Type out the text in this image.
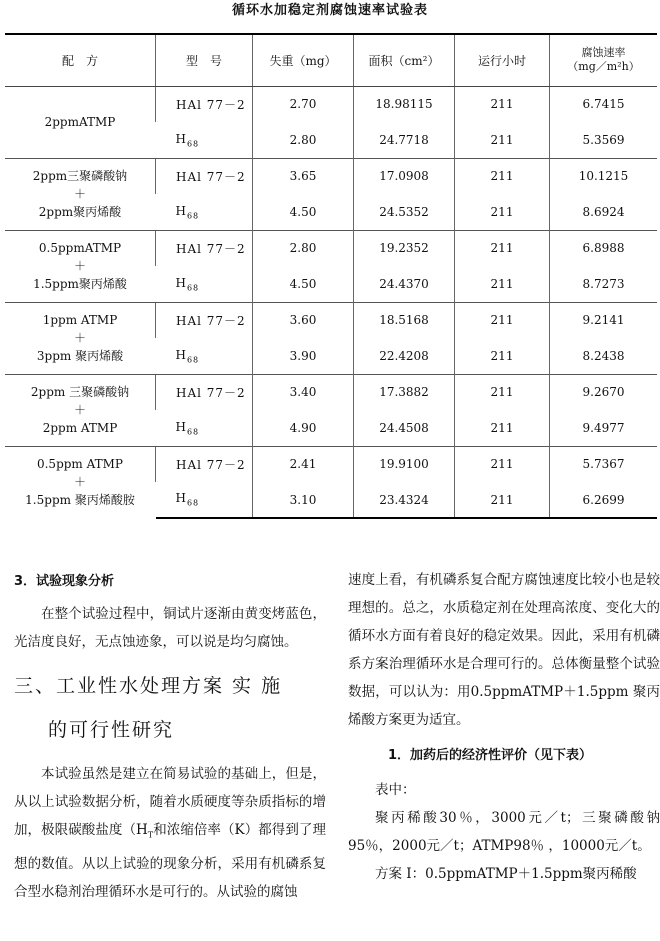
循环水加稳定剂腐蚀速率试验表
配　方	型　号	失重（mg）	面积（cm²）	运行小时	腐蚀速率
（mg／m²h）

2ppmATMP	HAl 77－2	2.70	18.98115	211	6.7415
	$H_{68}$	2.80	24.7718	211	5.3569

2ppm三聚磷酸钠
＋
2ppm聚丙烯酸	HAl 77－2	3.65	17.0908	211	10.1215
	$H_{68}$	4.50	24.5352	211	8.6924

0.5ppmATMP
＋
1.5ppm聚丙烯酸	HAl 77－2	2.80	19.2352	211	6.8988
	$H_{68}$	4.50	24.4370	211	8.7273

1ppm ATMP
＋
3ppm 聚丙烯酸	HAl 77－2	3.60	18.5168	211	9.2141
	$H_{68}$	3.90	22.4208	211	8.2438

2ppm 三聚磷酸钠
＋
2ppm ATMP	HAl 77－2	3.40	17.3882	211	9.2670
	$H_{68}$	4.90	24.4508	211	9.4977

0.5ppm ATMP
＋
1.5ppm 聚丙烯酸胺	HAl 77－2	2.41	19.9100	211	5.7367
	$H_{68}$	3.10	23.4324	211	6.2699

3．试验现象分析

在整个试验过程中，铜试片逐渐由黄变烤蓝色，光洁度良好，无点蚀迹象，可以说是均匀腐蚀。

三、工业性水处理方案 实 施
的可行性研究

本试验虽然是建立在简易试验的基础上，但是，从以上试验数据分析，随着水质硬度等杂质指标的增加，极限碳酸盐度（$H_T$和浓缩倍率（K）都得到了理想的数值。从以上试验的现象分析，采用有机磷系复合型水稳剂治理循环水是可行的。从试验的腐蚀

速度上看，有机磷系复合配方腐蚀速度比较小也是较理想的。总之，水质稳定剂在处理高浓度、变化大的循环水方面有着良好的稳定效果。因此，采用有机磷系方案治理循环水是合理可行的。总体衡量整个试验数据，可以认为：用0.5ppmATMP＋1.5ppm 聚丙烯酸方案更为适宜。

1．加药后的经济性评价（见下表）

表中：

聚丙稀酸30％，3000元／t；三聚磷酸钠95％，2000元／t；ATMP98％ ，10000元／t。

方案 I：0.5ppmATMP＋1.5ppm聚丙稀酸
